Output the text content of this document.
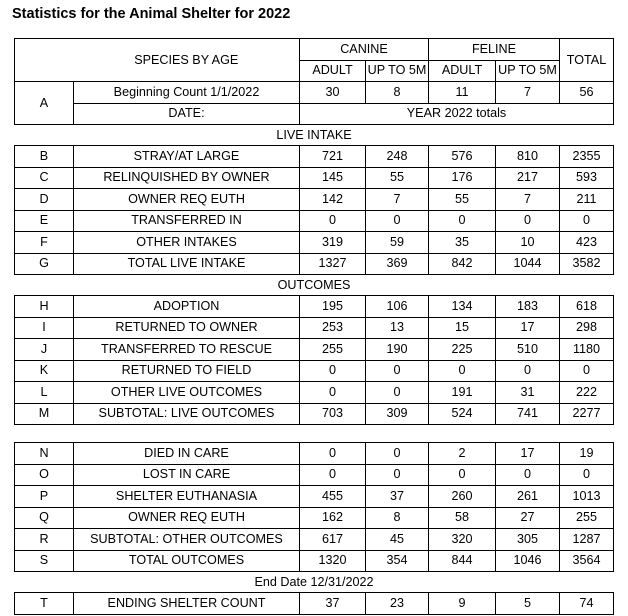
Statistics for the Animal Shelter for 2022
	SPECIES BY AGE	CANINE		FELINE		TOTAL
		ADULT	UP TO 5M	ADULT	UP TO 5M	
A	Beginning Count 1/1/2022	30	8	11	7	56
	DATE:	YEAR 2022 totals				
LIVE INTAKE						
B	STRAY/AT LARGE	721	248	576	810	2355
C	RELINQUISHED BY OWNER	145	55	176	217	593
D	OWNER REQ EUTH	142	7	55	7	211
E	TRANSFERRED IN	0	0	0	0	0
F	OTHER INTAKES	319	59	35	10	423
G	TOTAL LIVE INTAKE	1327	369	842	1044	3582
OUTCOMES						
H	ADOPTION	195	106	134	183	618
I	RETURNED TO OWNER	253	13	15	17	298
J	TRANSFERRED TO RESCUE	255	190	225	510	1180
K	RETURNED TO FIELD	0	0	0	0	0
L	OTHER LIVE OUTCOMES	0	0	191	31	222
M	SUBTOTAL: LIVE OUTCOMES	703	309	524	741	2277

N	DIED IN CARE	0	0	2	17	19
O	LOST IN CARE	0	0	0	0	0
P	SHELTER EUTHANASIA	455	37	260	261	1013
Q	OWNER REQ EUTH	162	8	58	27	255
R	SUBTOTAL: OTHER OUTCOMES	617	45	320	305	1287
S	TOTAL OUTCOMES	1320	354	844	1046	3564
End Date 12/31/2022						
T	ENDING SHELTER COUNT	37	23	9	5	74
